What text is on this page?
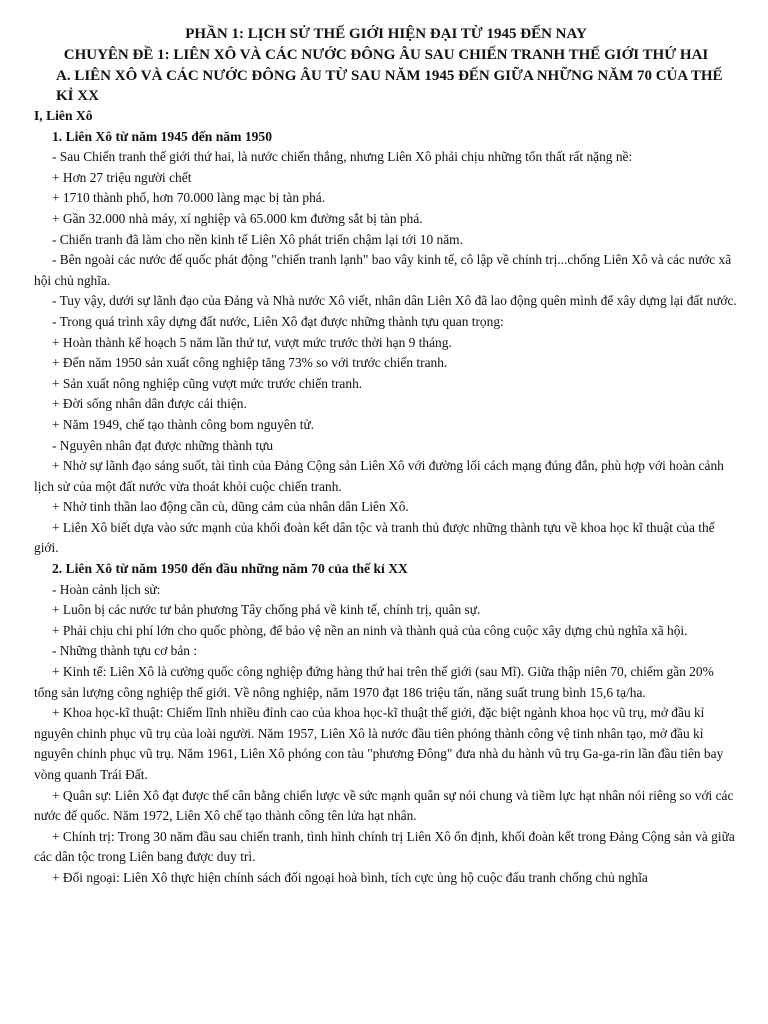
PHẦN 1: LỊCH SỬ THẾ GIỚI HIỆN ĐẠI TỪ 1945 ĐẾN NAY

CHUYÊN ĐỀ 1: LIÊN XÔ VÀ CÁC NƯỚC ĐÔNG ÂU SAU CHIẾN TRANH THẾ GIỚI THỨ HAI

A. LIÊN XÔ VÀ CÁC NƯỚC ĐÔNG ÂU TỪ SAU NĂM 1945 ĐẾN GIỮA NHỮNG NĂM 70 CỦA THẾ KỈ XX

I, Liên Xô

1. Liên Xô từ năm 1945 đến năm 1950

- Sau Chiến tranh thế giới thứ hai, là nước chiến thắng, nhưng Liên Xô phải chịu những tổn thất rất nặng nề:

+ Hơn 27 triệu người chết

+ 1710 thành phố, hơn 70.000 làng mạc bị tàn phá.

+ Gần 32.000 nhà máy, xí nghiệp và 65.000 km đường sắt bị tàn phá.

- Chiến tranh đã làm cho nền kinh tế Liên Xô phát triển chậm lại tới 10 năm.

- Bên ngoài các nước đế quốc phát động "chiến tranh lạnh" bao vây kinh tế, cô lập về chính trị...chống Liên Xô và các nước xã hội chủ nghĩa.

- Tuy vậy, dưới sự lãnh đạo của Đảng và Nhà nước Xô viết, nhân dân Liên Xô đã lao động quên mình để xây dựng lại đất nước.

- Trong quá trình xây dựng đất nước, Liên Xô đạt được những thành tựu quan trọng:

+ Hoàn thành kế hoạch 5 năm lần thứ tư, vượt mức trước thời hạn 9 tháng.

+ Đến năm 1950 sản xuất công nghiệp tăng 73% so với trước chiến tranh.

+ Sản xuất nông nghiệp cũng vượt mức trước chiến tranh.

+ Đời sống nhân dân được cải thiện.

+ Năm 1949, chế tạo thành công bom nguyên tử.

- Nguyên nhân đạt được những thành tựu

+ Nhờ sự lãnh đạo sáng suốt, tài tình của Đảng Cộng sản Liên Xô với đường lối cách mạng đúng đắn, phù hợp với hoàn cảnh lịch sử của một đất nước vừa thoát khỏi cuộc chiến tranh.

+ Nhờ tinh thần lao động cần cù, dũng cảm của nhân dân Liên Xô.

+ Liên Xô biết dựa vào sức mạnh của khối đoàn kết dân tộc và tranh thủ được những thành tựu về khoa học kĩ thuật của thế giới.

2. Liên Xô từ năm 1950 đến đầu những năm 70 của thế kỉ XX

- Hoàn cảnh lịch sử:

+ Luôn bị các nước tư bản phương Tây chống phá về kinh tế, chính trị, quân sự.

+ Phải chịu chi phí lớn cho quốc phòng, để bảo vệ nền an ninh và thành quả của công cuộc xây dựng chủ nghĩa xã hội.

- Những thành tựu cơ bản :

+ Kinh tế: Liên Xô là cường quốc công nghiệp đứng hàng thứ hai trên thế giới (sau Mĩ). Giữa thập niên 70, chiếm gần 20% tổng sản lượng công nghiệp thế giới. Về nông nghiệp, năm 1970 đạt 186 triệu tấn, năng suất trung bình 15,6 tạ/ha.

+ Khoa học-kĩ thuật: Chiếm lĩnh nhiều đỉnh cao của khoa học-kĩ thuật thế giới, đặc biệt ngành khoa học vũ trụ, mở đầu kỉ nguyên chinh phục vũ trụ của loài người. Năm 1957, Liên Xô là nước đầu tiên phóng thành công vệ tinh nhân tạo, mở đầu kỉ nguyên chinh phục vũ trụ. Năm 1961, Liên Xô phóng con tàu "phương Đông" đưa nhà du hành vũ trụ Ga-ga-rin lần đầu tiên bay vòng quanh Trái Đất.

+ Quân sự: Liên Xô đạt được thế cân bằng chiến lược về sức mạnh quân sự nói chung và tiềm lực hạt nhân nói riêng so với các nước đế quốc. Năm 1972, Liên Xô chế tạo thành công tên lửa hạt nhân.

+ Chính trị: Trong 30 năm đầu sau chiến tranh, tình hình chính trị Liên Xô ổn định, khối đoàn kết trong Đảng Cộng sản và giữa các dân tộc trong Liên bang được duy trì.

+ Đối ngoại: Liên Xô thực hiện chính sách đối ngoại hoà bình, tích cực ủng hộ cuộc đấu tranh chống chủ nghĩa
